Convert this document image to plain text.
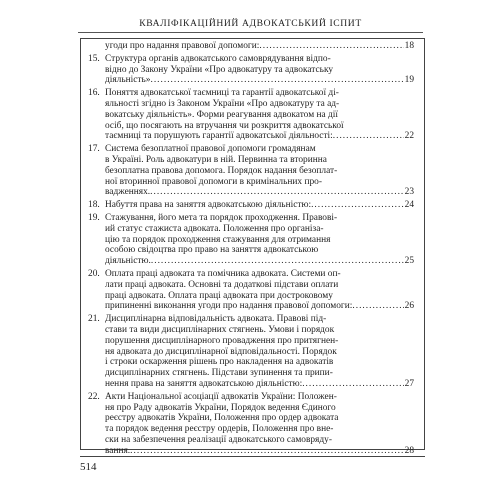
КВАЛІФІКАЦІЙНИЙ АДВОКАТСЬКИЙ ІСПИТ
угоди про надання правової допомоги: .....	18
15. Структура органів адвокатського самоврядування відпо-
відно до Закону України «Про адвокатуру та адвокатську
діяльність» .....	19
16. Поняття адвокатської таємниці та гарантії адвокатської ді-
яльності згідно із Законом України «Про адвокатуру та ад-
вокатську діяльність». Форми реагування адвокатом на дії
осіб, що посягають на втручання чи розкриття адвокатської
таємниці та порушують гарантії адвокатської діяльності: .....	22
17. Система безоплатної правової допомоги громадянам
в Україні. Роль адвокатури в ній. Первинна та вторинна
безоплатна правова допомога. Порядок надання безоплат-
ної вторинної правової допомоги в кримінальних про-
вадженнях. .....	23
18. Набуття права на заняття адвокатською діяльністю: .....	24
19. Стажування, його мета та порядок проходження. Правові-
ий статус стажиста адвоката. Положення про організа-
цію та порядок проходження стажування для отримання
особою свідоцтва про право на заняття адвокатською
діяльністю. .....	25
20. Оплата праці адвоката та помічника адвоката. Системи оп-
лати праці адвоката. Основні та додаткові підстави оплати
праці адвоката. Оплата праці адвоката при достроковому
припиненні виконання угоди про надання правової допомоги: .....	26
21. Дисциплінарна відповідальність адвоката. Правові під-
стави та види дисциплінарних стягнень. Умови і порядок
порушення дисциплінарного провадження про притягнен-
ня адвоката до дисциплінарної відповідальності. Порядок
і строки оскарження рішень про накладення на адвокатів
дисциплінарних стягнень. Підстави зупинення та припи-
нення права на заняття адвокатською діяльністю: .....	27
22. Акти Національної асоціації адвокатів України: Положен-
ня про Раду адвокатів України, Порядок ведення Єдиного
реєстру адвокатів України, Положення про ордер адвоката
та порядок ведення реєстру ордерів, Положення про вне-
ски на забезпечення реалізації адвокатського самовряду-
вання. .....	28
514
